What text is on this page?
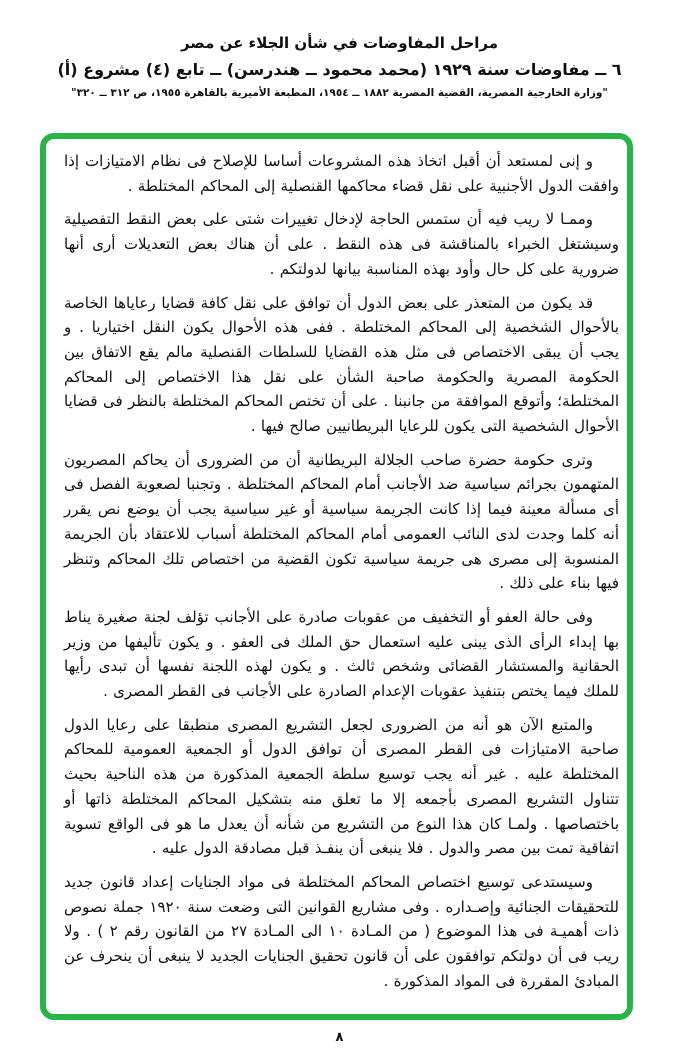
مراحل المفاوضات في شأن الجلاء عن مصر
٦ ــ مفاوضات سنة ١٩٢٩ (محمد محمود ــ هندرسن) ــ تابع (٤) مشروع (أ)
"وزارة الخارجية المصرية، القضية المصرية ١٨٨٢ ــ ١٩٥٤، المطبعة الأميرية بالقاهرة ١٩٥٥، ص ٣١٢ ــ ٣٢٠"

و إنى لمستعد أن أقبل اتخاذ هذه المشروعات أساسا للإصلاح فى نظام الامتيازات إذا وافقت الدول الأجنبية على نقل قضاء محاكمها القنصلية إلى المحاكم المختلطة .

وممـا لا ريب فيه أن ستمس الحاجة لإدخال تغييرات شتى على بعض النقط التفصيلية وسيشتغل الخبراء بالمناقشة فى هذه النقط . على أن هناك بعض التعديلات أرى أنها ضرورية على كل حال وأود بهذه المناسبة بيانها لدولتكم .

قد يكون من المتعذر على بعض الدول أن توافق على نقل كافة قضايا رعاياها الخاصة بالأحوال الشخصية إلى المحاكم المختلطة . ففى هذه الأحوال يكون النقل اختياريا . و يجب أن يبقى الاختصاص فى مثل هذه القضايا للسلطات القنصلية مالم يقع الاتفاق بين الحكومة المصرية والحكومة صاحبة الشأن على نقل هذا الاختصاص إلى المحاكم المختلطة؛ وأتوقع الموافقة من جانبنا . على أن تختص المحاكم المختلطة بالنظر فى قضايا الأحوال الشخصية التى يكون للرعايا البريطانيين صالح فيها .

وترى حكومة حضرة صاحب الجلالة البريطانية أن من الضرورى أن يحاكم المصريون المتهمون بجرائم سياسية ضد الأجانب أمام المحاكم المختلطة . وتجنبا لصعوبة الفصل فى أى مسألة معينة فيما إذا كانت الجريمة سياسية أو غير سياسية يجب أن يوضع نص يقرر أنه كلما وجدت لدى النائب العمومى أمام المحاكم المختلطة أسباب للاعتقاد بأن الجريمة المنسوبة إلى مصرى هى جريمة سياسية تكون القضية من اختصاص تلك المحاكم وتنظر فيها بناء على ذلك .

وفى حالة العفو أو التخفيف من عقوبات صادرة على الأجانب تؤلف لجنة صغيرة يناط بها إبداء الرأى الذى يبنى عليه استعمال حق الملك فى العفو . و يكون تأليفها من وزير الحقانية والمستشار القضائى وشخص ثالث . و يكون لهذه اللجنة نفسها أن تبدى رأيها للملك فيما يختص بتنفيذ عقوبات الإعدام الصادرة على الأجانب فى القطر المصرى .

والمتبع الآن هو أنه من الضرورى لجعل التشريع المصرى منطبقا على رعايا الدول صاحبة الامتيازات فى القطر المصرى أن توافق الدول أو الجمعية العمومية للمحاكم المختلطة عليه . غير أنه يجب توسيع سلطة الجمعية المذكورة من هذه الناحية بحيث تتناول التشريع المصرى بأجمعه إلا ما تعلق منه بتشكيل المحاكم المختلطة ذاتها أو باختصاصها . ولمـا كان هذا النوع من التشريع من شأنه أن يعدل ما هو فى الواقع تسوية اتفاقية تمت بين مصر والدول . فلا ينبغى أن ينفـذ قبل مصادقة الدول عليه .

وسيستدعى توسيع اختصاص المحاكم المختلطة فى مواد الجنايات إعداد قانون جديد للتحقيقات الجنائية وإصـداره . وفى مشاريع القوانين التى وضعت سنة ١٩٢٠ جملة نصوص ذات أهميـة فى هذا الموضوع ( من المـادة ١٠ الى المـادة ٢٧ من القانون رقم ٢ ) . ولا ريب فى أن دولتكم توافقون على أن قانون تحقيق الجنايات الجديد لا ينبغى أن ينحرف عن المبادئ المقررة فى المواد المذكورة .

٨
